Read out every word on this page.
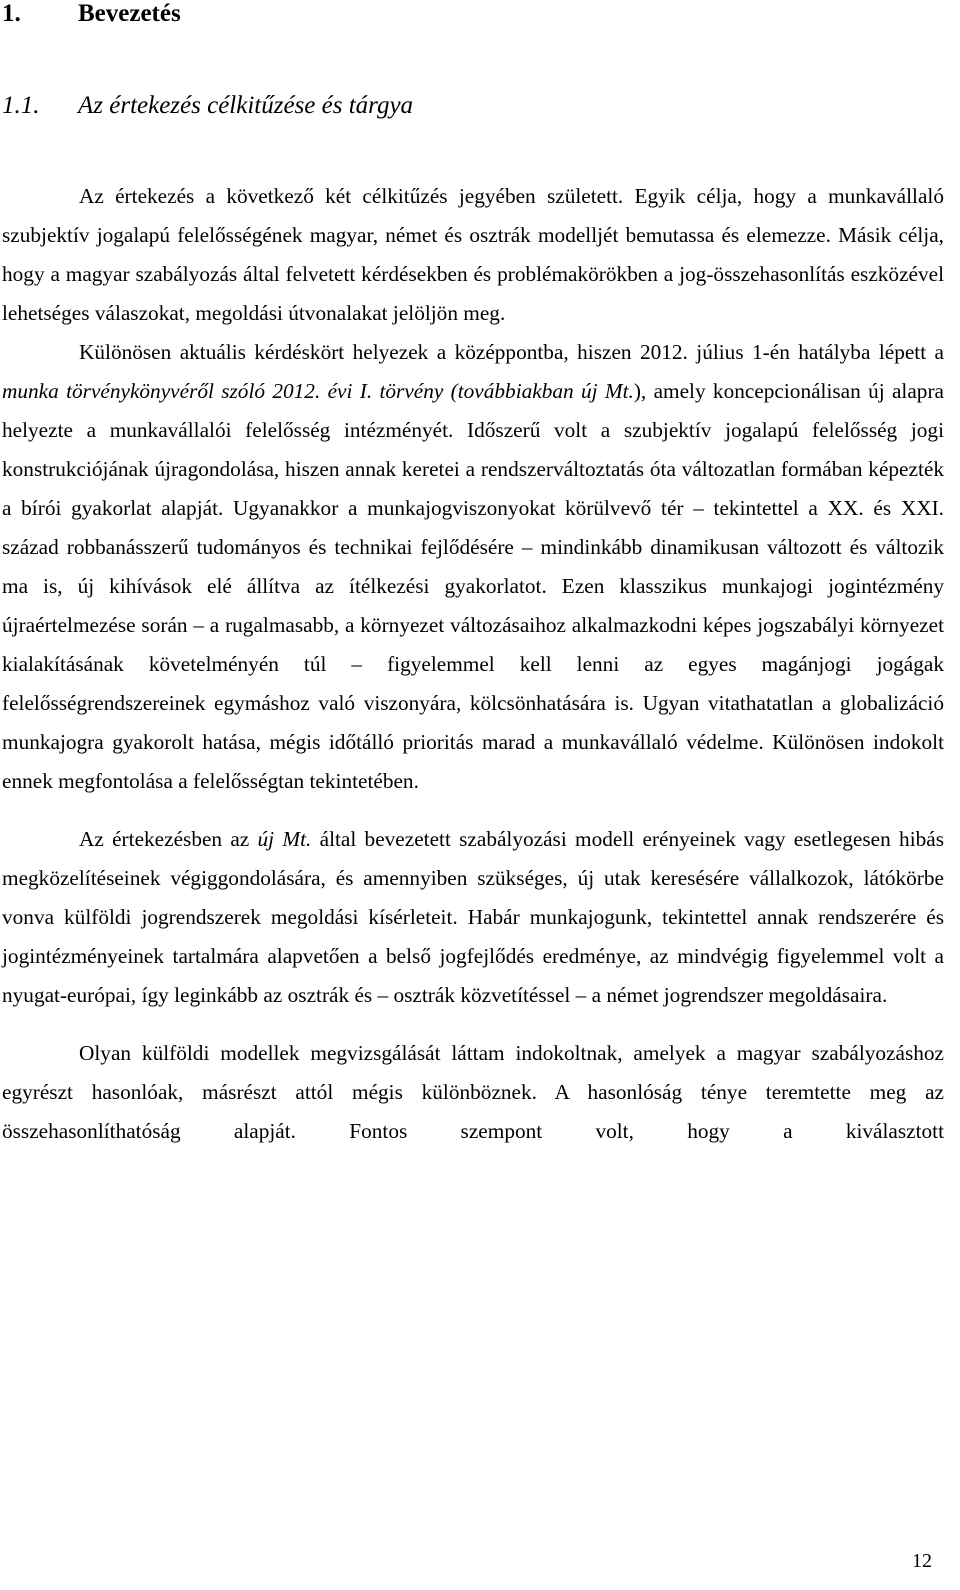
1. Bevezetés
1.1. Az értekezés célkitűzése és tárgya

Az értekezés a következő két célkitűzés jegyében született. Egyik célja, hogy a munkavállaló szubjektív jogalapú felelősségének magyar, német és osztrák modelljét bemutassa és elemezze. Másik célja, hogy a magyar szabályozás által felvetett kérdésekben és problémakörökben a jog-összehasonlítás eszközével lehetséges válaszokat, megoldási útvonalakat jelöljön meg.

Különösen aktuális kérdéskört helyezek a középpontba, hiszen 2012. július 1-én hatályba lépett a munka törvénykönyvéről szóló 2012. évi I. törvény (továbbiakban új Mt.), amely koncepcionálisan új alapra helyezte a munkavállalói felelősség intézményét. Időszerű volt a szubjektív jogalapú felelősség jogi konstrukciójának újragondolása, hiszen annak keretei a rendszerváltoztatás óta változatlan formában képezték a bírói gyakorlat alapját. Ugyanakkor a munkajogviszonyokat körülvevő tér – tekintettel a XX. és XXI. század robbanásszerű tudományos és technikai fejlődésére – mindinkább dinamikusan változott és változik ma is, új kihívások elé állítva az ítélkezési gyakorlatot. Ezen klasszikus munkajogi jogintézmény újraértelmezése során – a rugalmasabb, a környezet változásaihoz alkalmazkodni képes jogszabályi környezet kialakításának követelményén túl – figyelemmel kell lenni az egyes magánjogi jogágak felelősségrendszereinek egymáshoz való viszonyára, kölcsönhatására is. Ugyan vitathatatlan a globalizáció munkajogra gyakorolt hatása, mégis időtálló prioritás marad a munkavállaló védelme. Különösen indokolt ennek megfontolása a felelősségtan tekintetében.

Az értekezésben az új Mt. által bevezetett szabályozási modell erényeinek vagy esetlegesen hibás megközelítéseinek végiggondolására, és amennyiben szükséges, új utak keresésére vállalkozok, látókörbe vonva külföldi jogrendszerek megoldási kísérleteit. Habár munkajogunk, tekintettel annak rendszerére és jogintézményeinek tartalmára alapvetően a belső jogfejlődés eredménye, az mindvégig figyelemmel volt a nyugat-európai, így leginkább az osztrák és – osztrák közvetítéssel – a német jogrendszer megoldásaira.

Olyan külföldi modellek megvizsgálását láttam indokoltnak, amelyek a magyar szabályozáshoz egyrészt hasonlóak, másrészt attól mégis különböznek. A hasonlóság ténye teremtette meg az összehasonlíthatóság alapját. Fontos szempont volt, hogy a kiválasztott

12
